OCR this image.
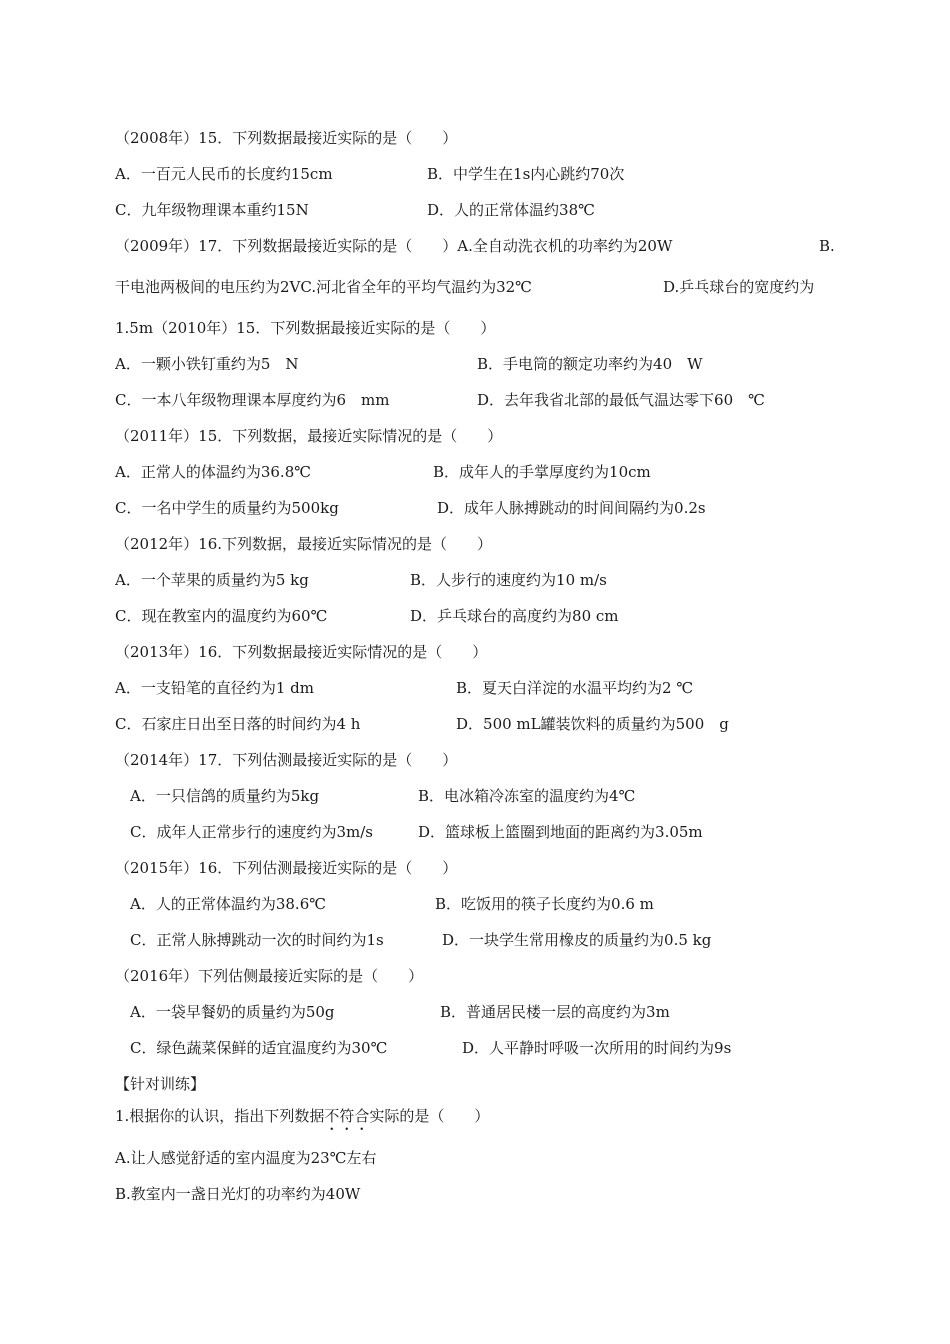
（2008年）15．下列数据最接近实际的是（　　）
A．一百元人民币的长度约15cm	B．中学生在1s内心跳约70次
C．九年级物理课本重约15N	D．人的正常体温约38℃
（2009年）17．下列数据最接近实际的是（　　）A.全自动洗衣机的功率约为20W	B.
干电池两极间的电压约为2VC.河北省全年的平均气温约为32℃	D.乒乓球台的宽度约为
1.5m（2010年）15．下列数据最接近实际的是（　　）
A．一颗小铁钉重约为5　N	B．手电筒的额定功率约为40　W
C．一本八年级物理课本厚度约为6　mm	D．去年我省北部的最低气温达零下60　℃
（2011年）15．下列数据，最接近实际情况的是（　　）
A．正常人的体温约为36.8℃	B．成年人的手掌厚度约为10cm
C．一名中学生的质量约为500kg	D．成年人脉搏跳动的时间间隔约为0.2s
（2012年）16.下列数据，最接近实际情况的是（　　）
A．一个苹果的质量约为5 kg	B．人步行的速度约为10 m/s
C．现在教室内的温度约为60℃	D．乒乓球台的高度约为80 cm
（2013年）16．下列数据最接近实际情况的是（　　）
A．一支铅笔的直径约为1 dm	B．夏天白洋淀的水温平均约为2 ℃
C．石家庄日出至日落的时间约为4 h	D．500 mL罐装饮料的质量约为500　g
（2014年）17．下列估测最接近实际的是（　　）
A．一只信鸽的质量约为5kg	B．电冰箱冷冻室的温度约为4℃
C．成年人正常步行的速度约为3m/s	D．篮球板上篮圈到地面的距离约为3.05m
（2015年）16．下列估测最接近实际的是（　　）
A．人的正常体温约为38.6℃	B．吃饭用的筷子长度约为0.6 m
C．正常人脉搏跳动一次的时间约为1s	D．一块学生常用橡皮的质量约为0.5 kg
（2016年）下列估侧最接近实际的是（　　）
A．一袋早餐奶的质量约为50g	B．普通居民楼一层的高度约为3m
C．绿色蔬菜保鲜的适宜温度约为30℃	D．人平静时呼吸一次所用的时间约为9s
【针对训练】
1.根据你的认识，指出下列数据不符合实际的是（　　）
A.让人感觉舒适的室内温度为23℃左右
B.教室内一盏日光灯的功率约为40W
